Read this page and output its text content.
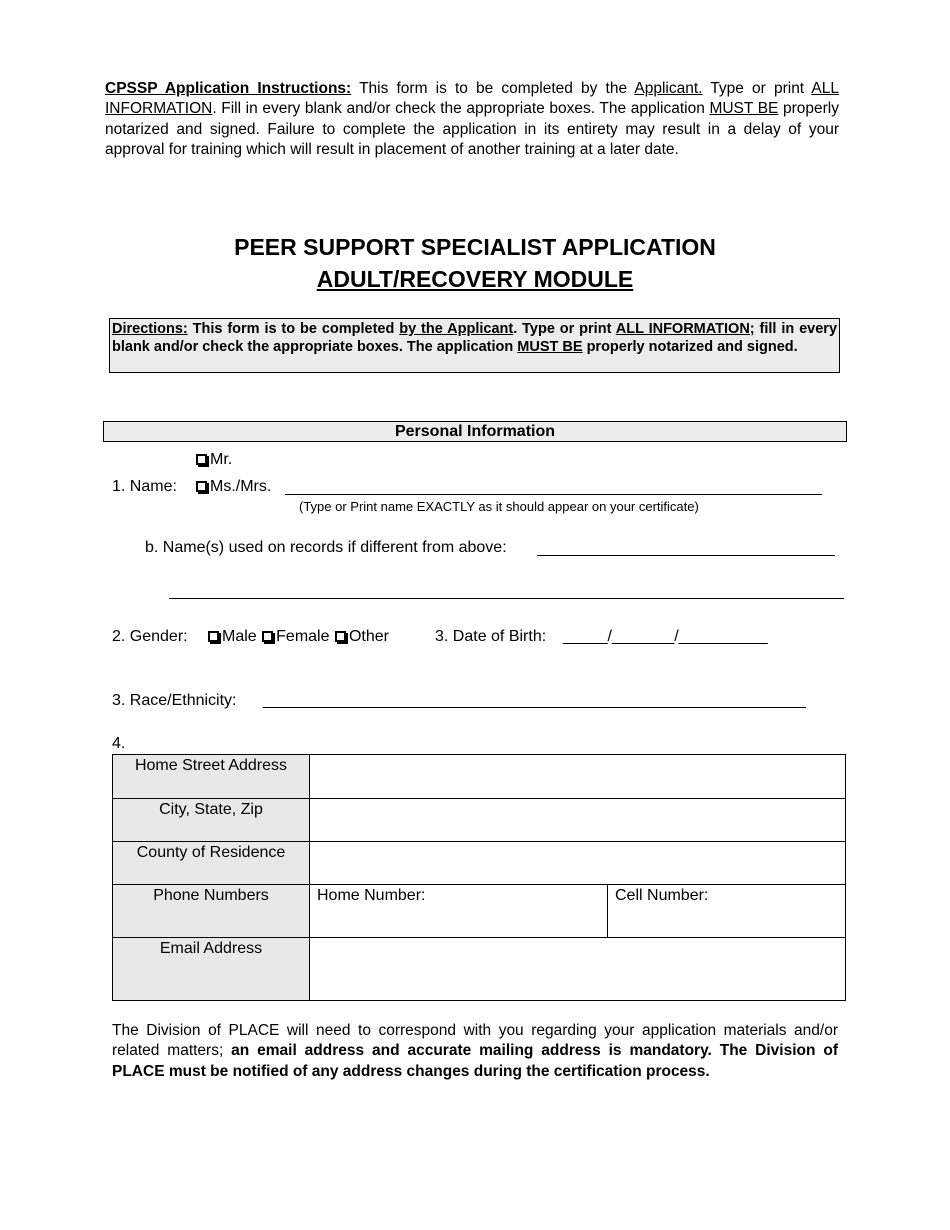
CPSSP Application Instructions: This form is to be completed by the Applicant. Type or print ALL INFORMATION. Fill in every blank and/or check the appropriate boxes. The application MUST BE properly notarized and signed. Failure to complete the application in its entirety may result in a delay of your approval for training which will result in placement of another training at a later date.

PEER SUPPORT SPECIALIST APPLICATION
ADULT/RECOVERY MODULE
Directions: This form is to be completed by the Applicant. Type or print ALL INFORMATION; fill in every blank and/or check the appropriate boxes. The application MUST BE properly notarized and signed.
Personal Information
Mr.
1. Name:	Ms./Mrs.
(Type or Print name EXACTLY as it should appear on your certificate)
b. Name(s) used on records if different from above:
2. Gender:	Male Female Other	3. Date of Birth: _____/_______/__________
3. Race/Ethnicity: _____________________________________________________________
4.
Home Street Address		
City, State, Zip		
County of Residence		
Phone Numbers	Home Number:	Cell Number:
Email Address		

The Division of PLACE will need to correspond with you regarding your application materials and/or related matters; an email address and accurate mailing address is mandatory. The Division of PLACE must be notified of any address changes during the certification process.
